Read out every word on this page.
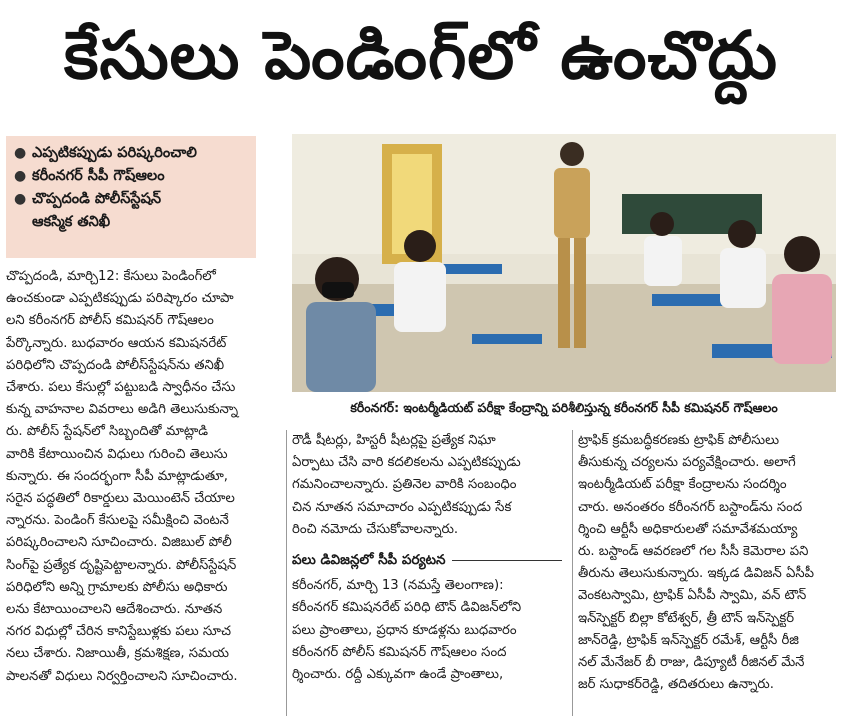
కేసులు పెండింగ్‌లో ఉంచొద్దు
● ఎప్పటికప్పుడు పరిష్కరించాలి
● కరీంనగర్‌ సీపీ గౌష్‌ఆలం
● చొప్పదండి పోలీస్‌స్టేషన్‌
ఆకస్మిక తనిఖీ
కరీంనగర్‌: ఇంటర్మీడియట్‌ పరీక్షా కేంద్రాన్ని పరిశీలిస్తున్న కరీంనగర్‌ సీపీ కమిషనర్‌ గౌష్‌ఆలం

చొప్పదండి, మార్చి12: కేసులు పెండింగ్‌లో

ఉంచకుండా ఎప్పటికప్పుడు పరిష్కారం చూపా

లని కరీంనగర్‌ పోలీస్‌ కమిషనర్‌ గౌష్‌ఆలం

పేర్కొన్నారు. బుధవారం ఆయన కమిషనరేట్‌

పరిధిలోని చొప్పదండి పోలీస్‌స్టేషన్‌ను తనిఖీ

చేశారు. పలు కేసుల్లో పట్టుబడి స్వాధీనం చేసు

కున్న వాహనాల వివరాలు అడిగి తెలుసుకున్నా

రు. పోలీస్‌ స్టేషన్‌లో సిబ్బందితో మాట్లాడి

వారికి కేటాయించిన విధులు గురించి తెలుసు

కున్నారు. ఈ సందర్భంగా సీపీ మాట్లాడుతూ,

సరైన పద్ధతిలో రికార్డులు మెయింటెన్‌ చేయాల

న్నారను. పెండింగ్‌ కేసులపై సమీక్షించి వెంటనే

పరిష్కరించాలని సూచించారు. విజిబుల్‌ పోలీ

సింగ్‌పై ప్రత్యేక దృష్టిపెట్టాలన్నారు. పోలీస్‌స్టేషన్‌

పరిధిలోని అన్ని గ్రామాలకు పోలీసు అధికారు

లను కేటాయించాలని ఆదేశించారు. నూతన

నగర విధుల్లో చేరిన కానిస్టేబుళ్లకు పలు సూచ

నలు చేశారు. నిజాయితీ, క్రమశిక్షణ, సమయ

పాలనతో విధులు నిర్వర్తించాలని సూచించారు.

రౌడీ షీటర్లు, హిస్టరీ షీటర్లపై ప్రత్యేక నిఘా

ఏర్పాటు చేసి వారి కదలికలను ఎప్పటికప్పుడు

గమనించాలన్నారు. ప్రతినెల వారికి సంబంధిం

చిన నూతన సమాచారం ఎప్పటికప్పుడు సేక

రించి నమోదు చేసుకోవాలన్నారు.

పలు డివిజన్లలో సీపీ పర్యటన

కరీంనగర్‌, మార్చి 13 (నమస్తే తెలంగాణ):

కరీంనగర్‌ కమిషనరేట్‌ పరిధి టౌన్‌ డివిజన్‌లోని

పలు ప్రాంతాలు, ప్రధాన కూడళ్లను బుధవారం

కరీంనగర్‌ పోలీస్‌ కమిషనర్‌ గౌష్‌ఆలం సంద

ర్శించారు. రద్దీ ఎక్కువగా ఉండే ప్రాంతాలు,

ట్రాఫిక్‌ క్రమబద్ధీకరణకు ట్రాఫిక్‌ పోలీసులు

తీసుకున్న చర్యలను పర్యవేక్షించారు. అలాగే

ఇంటర్మీడియట్‌ పరీక్షా కేంద్రాలను సందర్శిం

చారు. అనంతరం కరీంనగర్‌ బస్టాండ్‌ను సంద

ర్శించి ఆర్టీసీ అధికారులతో సమావేశమయ్యా

రు. బస్టాండ్‌ ఆవరణలో గల సీసీ కెమెరాల పని

తీరును తెలుసుకున్నారు. ఇక్కడ డివిజన్‌ ఏసీపీ

వెంకటస్వామి, ట్రాఫిక్‌ ఏసీపీ స్వామి, వన్‌ టౌన్‌

ఇన్‌స్పెక్టర్‌ బిల్లా కోటేశ్వర్‌, త్రీ టౌన్‌ ఇన్‌స్పెక్టర్‌

జాన్‌రెడ్డి, ట్రాఫిక్‌ ఇన్‌స్పెక్టర్‌ రమేశ్‌, ఆర్టీసీ రీజి

నల్‌ మేనేజర్‌ బీ రాజు, డిప్యూటీ రీజినల్‌ మేనే

జర్‌ సుధాకర్‌రెడ్డి, తదితరులు ఉన్నారు.
